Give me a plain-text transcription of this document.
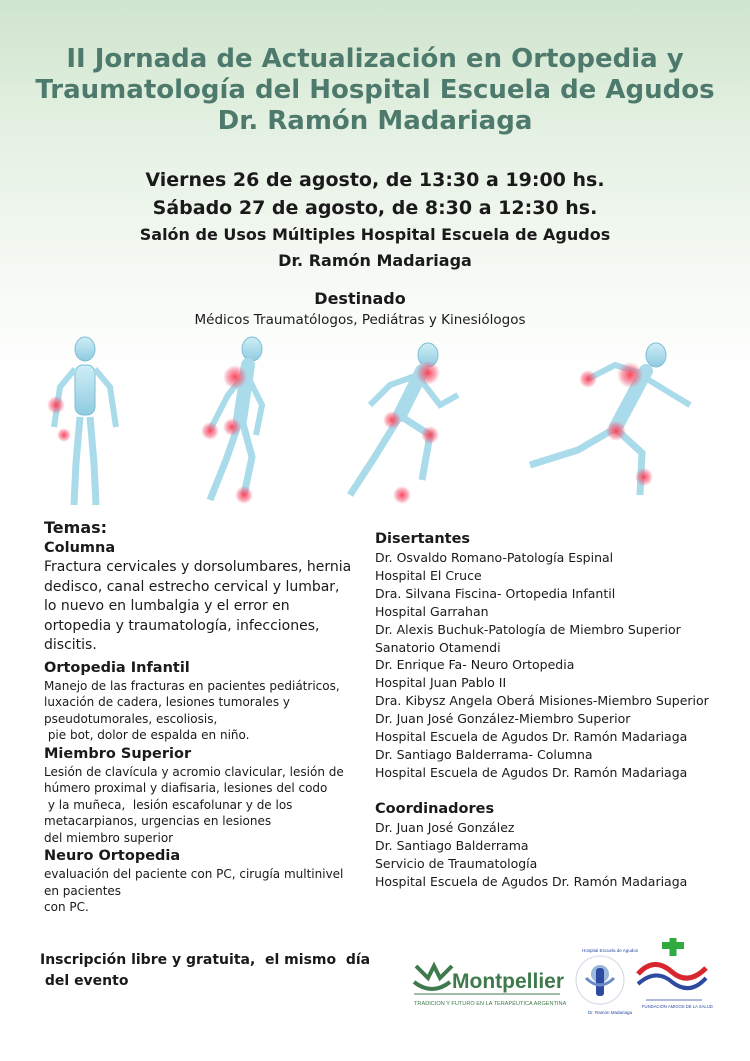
II Jornada de Actualización en Ortopedia y
Traumatología del Hospital Escuela de Agudos
Dr. Ramón Madariaga
Viernes 26 de agosto, de 13:30 a 19:00 hs.
Sábado 27 de agosto, de 8:30 a 12:30 hs.
Salón de Usos Múltiples Hospital Escuela de Agudos
Dr. Ramón Madariaga
Destinado
Médicos Traumatólogos, Pediátras y Kinesiólogos
Temas:
Columna
Fractura cervicales y dorsolumbares, hernia
dedisco, canal estrecho cervical y lumbar,
lo nuevo en lumbalgia y el error en
ortopedia y traumatología, infecciones,
discitis.
Ortopedia Infantil
Manejo de las fracturas en pacientes pediátricos,
luxación de cadera, lesiones tumorales y
pseudotumorales, escoliosis,
pie bot, dolor de espalda en niño.
Miembro Superior
Lesión de clavícula y acromio clavicular, lesión de
húmero proximal y diafisaria, lesiones del codo
y la muñeca,  lesión escafolunar y de los
metacarpianos, urgencias en lesiones
del miembro superior
Neuro Ortopedia
evaluación del paciente con PC, cirugía multinivel
en pacientes
con PC.
Disertantes
Dr. Osvaldo Romano-Patología Espinal
Hospital El Cruce
Dra. Silvana Fiscina- Ortopedia Infantil
Hospital Garrahan
Dr. Alexis Buchuk-Patología de Miembro Superior
Sanatorio Otamendi
Dr. Enrique Fa- Neuro Ortopedia
Hospital Juan Pablo II
Dra. Kibysz Angela Oberá Misiones-Miembro Superior
Dr. Juan José González-Miembro Superior
Hospital Escuela de Agudos Dr. Ramón Madariaga
Dr. Santiago Balderrama- Columna
Hospital Escuela de Agudos Dr. Ramón Madariaga
Coordinadores
Dr. Juan José González
Dr. Santiago Balderrama
Servicio de Traumatología
Hospital Escuela de Agudos Dr. Ramón Madariaga
Inscripción libre y gratuita,  el mismo  día
del evento	Montpellier
TRADICION Y FUTURO EN LA TERAPÉUTICA ARGENTINA
Hospital Escuela de Agudos
Dr. Ramón Madariaga
FUNDACIÓN AMIGOS DE LA SALUD
